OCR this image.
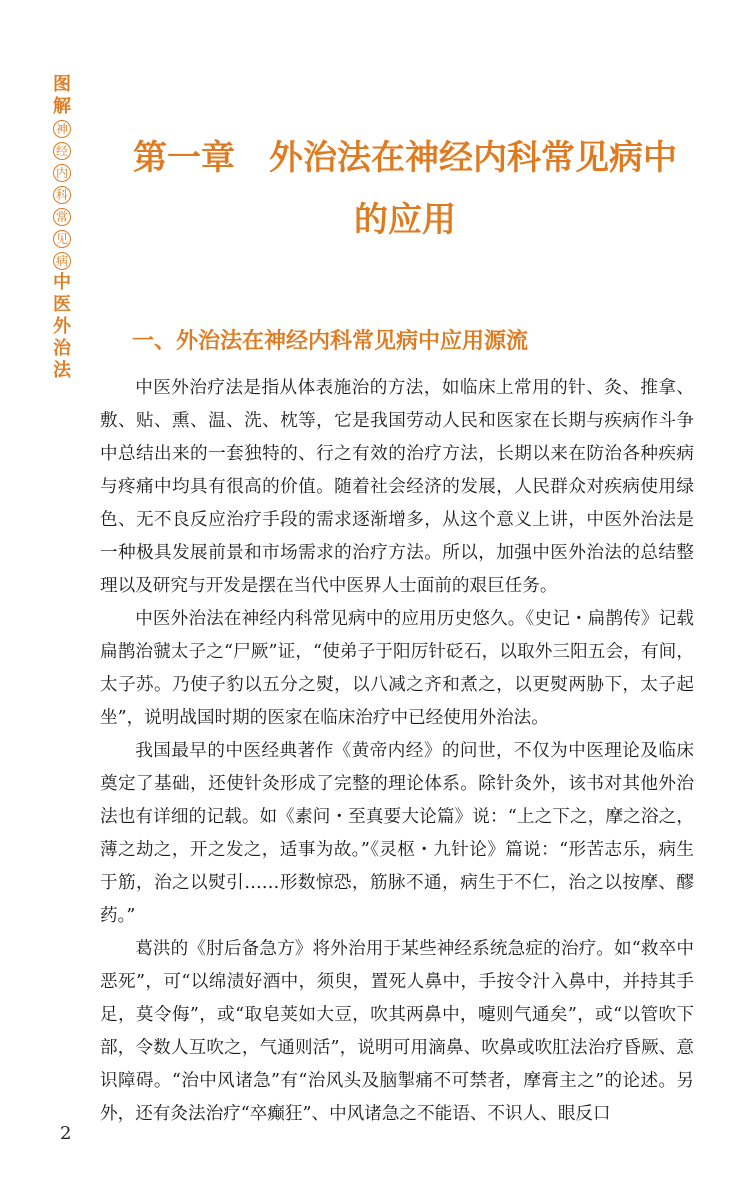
图
解
神
经
内
科
常
见
病
中
医
外
治
法
第一章　外治法在神经内科常见病中
的应用
一、外治法在神经内科常见病中应用源流

中医外治疗法是指从体表施治的方法，如临床上常用的针、灸、推拿、敷、贴、熏、温、洗、枕等，它是我国劳动人民和医家在长期与疾病作斗争中总结出来的一套独特的、行之有效的治疗方法，长期以来在防治各种疾病与疼痛中均具有很高的价值。随着社会经济的发展，人民群众对疾病使用绿色、无不良反应治疗手段的需求逐渐增多，从这个意义上讲，中医外治法是一种极具发展前景和市场需求的治疗方法。所以，加强中医外治法的总结整理以及研究与开发是摆在当代中医界人士面前的艰巨任务。

中医外治法在神经内科常见病中的应用历史悠久。《史记・扁鹊传》记载扁鹊治虢太子之“尸厥”证，“使弟子于阳厉针砭石，以取外三阳五会，有间，太子苏。乃使子豹以五分之熨，以八减之齐和煮之，以更熨两胁下，太子起坐”，说明战国时期的医家在临床治疗中已经使用外治法。

我国最早的中医经典著作《黄帝内经》的问世，不仅为中医理论及临床奠定了基础，还使针灸形成了完整的理论体系。除针灸外，该书对其他外治法也有详细的记载。如《素问・至真要大论篇》说：“上之下之，摩之浴之，薄之劫之，开之发之，适事为故。”《灵枢・九针论》篇说：“形苦志乐，病生于筋，治之以熨引……形数惊恐，筋脉不通，病生于不仁，治之以按摩、醪药。”

葛洪的《肘后备急方》将外治用于某些神经系统急症的治疗。如“救卒中恶死”，可“以绵渍好酒中，须臾，置死人鼻中，手按令汁入鼻中，并持其手足，莫令侮”，或“取皂荚如大豆，吹其两鼻中，嚏则气通矣”，或“以管吹下部，令数人互吹之，气通则活”，说明可用滴鼻、吹鼻或吹肛法治疗昏厥、意识障碍。“治中风诸急”有“治风头及脑掣痛不可禁者，摩膏主之”的论述。另外，还有灸法治疗“卒癫狂”、中风诸急之不能语、不识人、眼反口

2
